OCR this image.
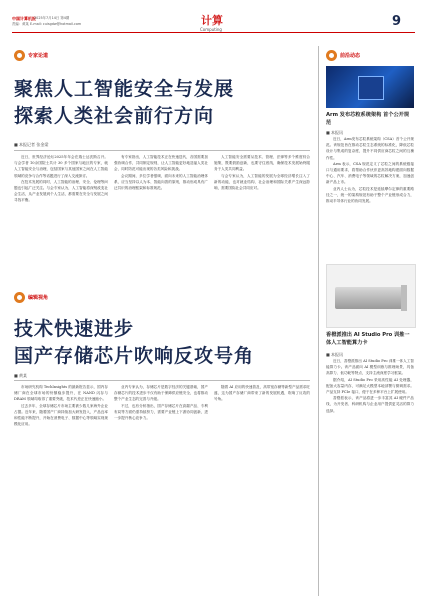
中国计算机报
2025年7月14日 第4期
责编：黄某 E-mail: cuisgdw@hotmail.com	计算
Computing
9
专家论道
聚焦人工智能安全与发展
探索人类社会前行方向
■ 本报记者 张金梁

近日，世界经济论坛2025年年会在瑞士达沃斯召开。与会学者 10余国院士共计 30 多个国家与地区的专家，就人工智能安全与治理，包括国家与其他国家之间在人工智能领域的竞争与合作等话题进行了深入交流探讨。

在技术发展的同时，人工智能的治理、安全、伦理等问题也引起广泛关注。与会专家认为，人工智能将深刻改变社会生活，从产业发展到个人生活，都需要在安全与发展之间寻找平衡。

有专家指出，人工智能技术正在快速迭代，各国需要加强协调合作，共同制定规则，让人工智能更好地造福人类社会，同时防范可能出现的各类风险和挑战。

会议期间，多位学者强调，面向未来的人工智能治理体系，应当坚持以人为本、智能向善的原则，推动形成具有广泛共识的治理框架和标准规范。

人工智能安全需要从技术、管理、法律等多个维度综合施策，既要鼓励创新，也要守住底线，确保技术发展始终服务于人类共同利益。

与会专家认为，人工智能的发展为全球经济增长注入了新的动能，也对就业结构、社会治理和国际关系产生深远影响，需要国际社会共同应对。

前沿动态
Arm 发布芯粒系统架构 首个公开规范
■ 本报讯

近日，Arm发布芯粒系统架构（CSA）首个公开规范。该规范旨在推动芯粒生态系统的标准化，降低芯粒设计与集成的复杂度，提升不同供应商芯粒之间的互操作性。

Arm 表示，CSA 规范定义了芯粒之间的系统级接口与通用要求，将帮助合作伙伴更高效地构建面向数据中心、汽车、消费电子等领域的芯粒解决方案，加速创新产品上市。

业内人士认为，芯粒技术是延续摩尔定律的重要路径之一，统一的架构规范有助于整个产业链形成合力，推动半导体行业的协同发展。

编辑视角
技术快速进步
国产存储芯片吹响反攻号角
■ 黄某

市场研究机构 TechInsights 的最新报告显示，国内存储厂商在全球市场的份额稳步提升，在 NAND 闪存与 DRAM 领域均取得了重要突破，技术代差正在快速缩小。

过去多年，全球存储芯片市场主要被少数几家海外企业占据。近年来，随着国产厂商持续加大研发投入，产品良率和性能不断提升，开始在消费电子、数据中心等领域实现规模化应用。

业内专家认为，存储芯片是数字经济的关键基础，国产存储芯片的技术进步不仅有助于保障供应链安全，也将推动整个产业生态的完善与升级。

不过，也有分析指出，国产存储芯片在高端产品、专利布局等方面仍需持续努力，需要产业链上下游协同创新，进一步提升核心竞争力。

随着 AI 应用的快速普及，高带宽存储等新型产品需求旺盛，这为国产存储厂商带来了新的发展机遇，吹响了反攻的号角。

香橙派推出 AI Studio Pro 训推一体人工智能算力卡
■ 本报讯

近日，香橙派推出 AI Studio Pro 训推一体人工智能算力卡。该产品面向 AI 模型训练与推理场景，具备高算力、低功耗等特点，支持主流深度学习框架。

据介绍，AI Studio Pro 采用高性能 AI 处理器，配备大容量内存，可满足大模型本地部署与微调需求。产品支持 PCIe 接口，便于在多种平台上扩展使用。

香橙派表示，该产品将进一步丰富其 AI 硬件产品线，为开发者、科研机构与企业用户提供更灵活的算力选择。
